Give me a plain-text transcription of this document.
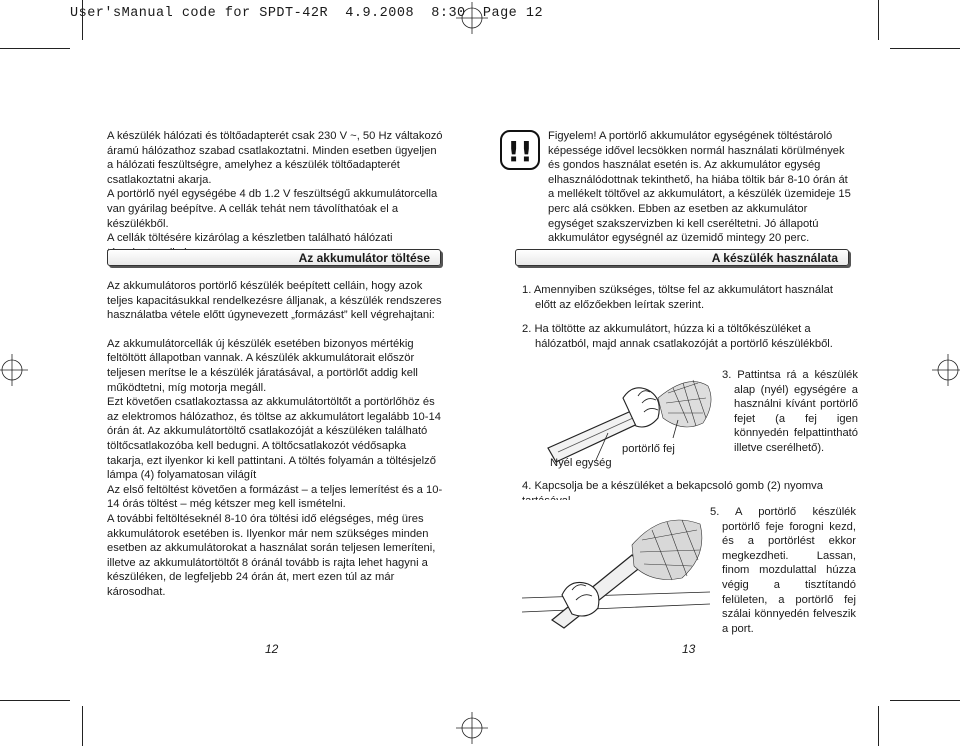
User'sManual code for SPDT-42R  4.9.2008  8:30  Page 12

A készülék hálózati és töltőadapterét csak 230 V ~, 50 Hz váltakozó áramú hálózathoz szabad csatlakoztatni. Minden esetben ügyeljen a hálózati feszültségre, amelyhez a készülék töltőadapterét csatlakoztatni akarja.

A portörlő nyél egységébe 4 db 1.2 V feszültségű akkumulátorcella van gyárilag beépítve. A cellák tehát nem távolíthatóak el a készülékből.

A cellák töltésére kizárólag a készletben található hálózati

Az akkumulátor töltése

Az akkumulátoros portörlő készülék beépített celláin, hogy azok teljes kapacitásukkal rendelkezésre álljanak, a készülék rendszeres használatba vétele előtt úgynevezett „formázást” kell végrehajtani:

Az akkumulátorcellák új készülék esetében bizonyos mértékig feltöltött állapotban vannak. A készülék akkumulátorait először teljesen merítse le a készülék járatásával, a portörlőt addig kell működtetni, míg motorja megáll.

Ezt követően csatlakoztassa az akkumulátortöltőt a portörlőhöz és az elektromos hálózathoz, és töltse az akkumulátort legalább 10-14 órán át. Az akkumulátortöltő csatlakozóját a készüléken található töltőcsatlakozóba kell bedugni. A töltőcsatlakozót védősapka takarja, ezt ilyenkor ki kell pattintani. A töltés folyamán a töltésjelző lámpa (4) folyamatosan világít

Az első feltöltést követően a formázást – a teljes lemerítést és a 10-14 órás töltést – még kétszer meg kell ismételni.

A további feltöltéseknél 8-10 óra töltési idő elégséges, még üres akkumulátorok esetében is. Ilyenkor már nem szükséges minden esetben az akkumulátorokat a használat során teljesen lemeríteni, illetve az akkumulátortöltőt 8 óránál tovább is rajta lehet hagyni a készüléken, de legfeljebb 24 órán át, mert ezen túl az már károsodhat.

12
!! Figyelem! A portörlő akkumulátor egységének töltéstároló képessége idővel lecsökken normál használati körülmények és gondos használat esetén is. Az akkumulátor egység elhasználódottnak tekinthető, ha hiába töltik bár 8-10 órán át a mellékelt töltővel az akkumulátort, a készülék üzemideje 15 perc alá csökken. Ebben az esetben az akkumulátor egységet szakszervizben ki kell cseréltetni. Jó állapotú akkumulátor egységnél az üzemidő mintegy 20 perc.

A készülék használata

1. Amennyiben szükséges, töltse fel az akkumulátort használat előtt az előzőekben leírtak szerint.

2. Ha töltötte az akkumulátort, húzza ki a töltőkészüléket a hálózatból, majd annak csatlakozóját a portörlő készülékből.

Nyél egység
portörlő fej

3. Pattintsa rá a készülék alap (nyél) egységére a használni kívánt portörlő fejet (a fej igen könnyedén felpattintható illetve cserélhető).

4. Kapcsolja be a készüléket a bekapcsoló gomb (2) nyomva

5. A portörlő készülék portörlő feje forogni kezd, és a portörlést ekkor megkezdheti. Lassan, finom mozdulattal húzza végig a tisztítandó felületen, a portörlő fej szálai könnyedén felveszik a port.

13
